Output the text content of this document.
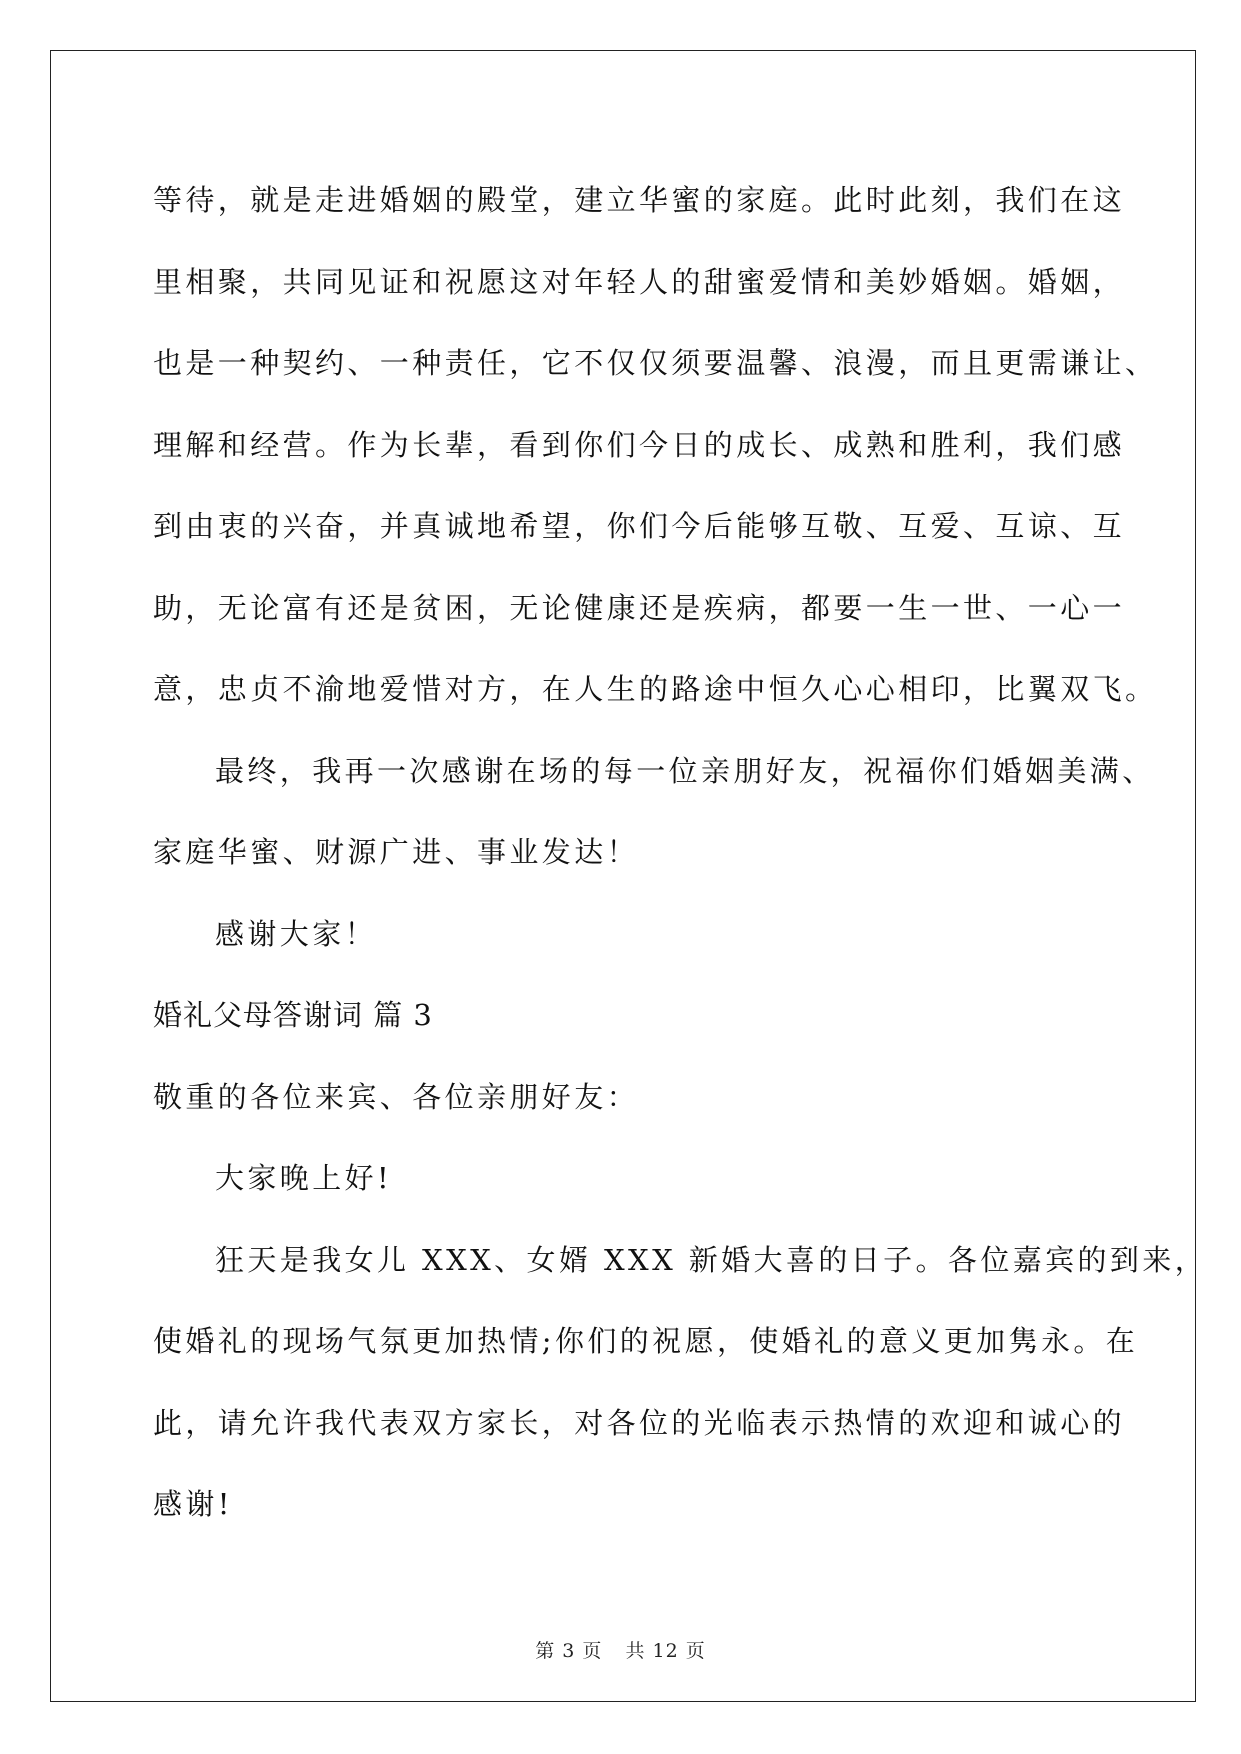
等待，就是走进婚姻的殿堂，建立华蜜的家庭。此时此刻，我们在这
里相聚，共同见证和祝愿这对年轻人的甜蜜爱情和美妙婚姻。婚姻，
也是一种契约、一种责任，它不仅仅须要温馨、浪漫，而且更需谦让、
理解和经营。作为长辈，看到你们今日的成长、成熟和胜利，我们感
到由衷的兴奋，并真诚地希望，你们今后能够互敬、互爱、互谅、互
助，无论富有还是贫困，无论健康还是疾病，都要一生一世、一心一
意，忠贞不渝地爱惜对方，在人生的路途中恒久心心相印，比翼双飞。
最终，我再一次感谢在场的每一位亲朋好友，祝福你们婚姻美满、
家庭华蜜、财源广进、事业发达！
感谢大家！
婚礼父母答谢词 篇 3
敬重的各位来宾、各位亲朋好友：
大家晚上好!
狂天是我女儿 XXX、女婿 XXX 新婚大喜的日子。各位嘉宾的到来，
使婚礼的现场气氛更加热情;你们的祝愿，使婚礼的意义更加隽永。在
此，请允许我代表双方家长，对各位的光临表示热情的欢迎和诚心的
感谢!
第 3 页 共 12 页
